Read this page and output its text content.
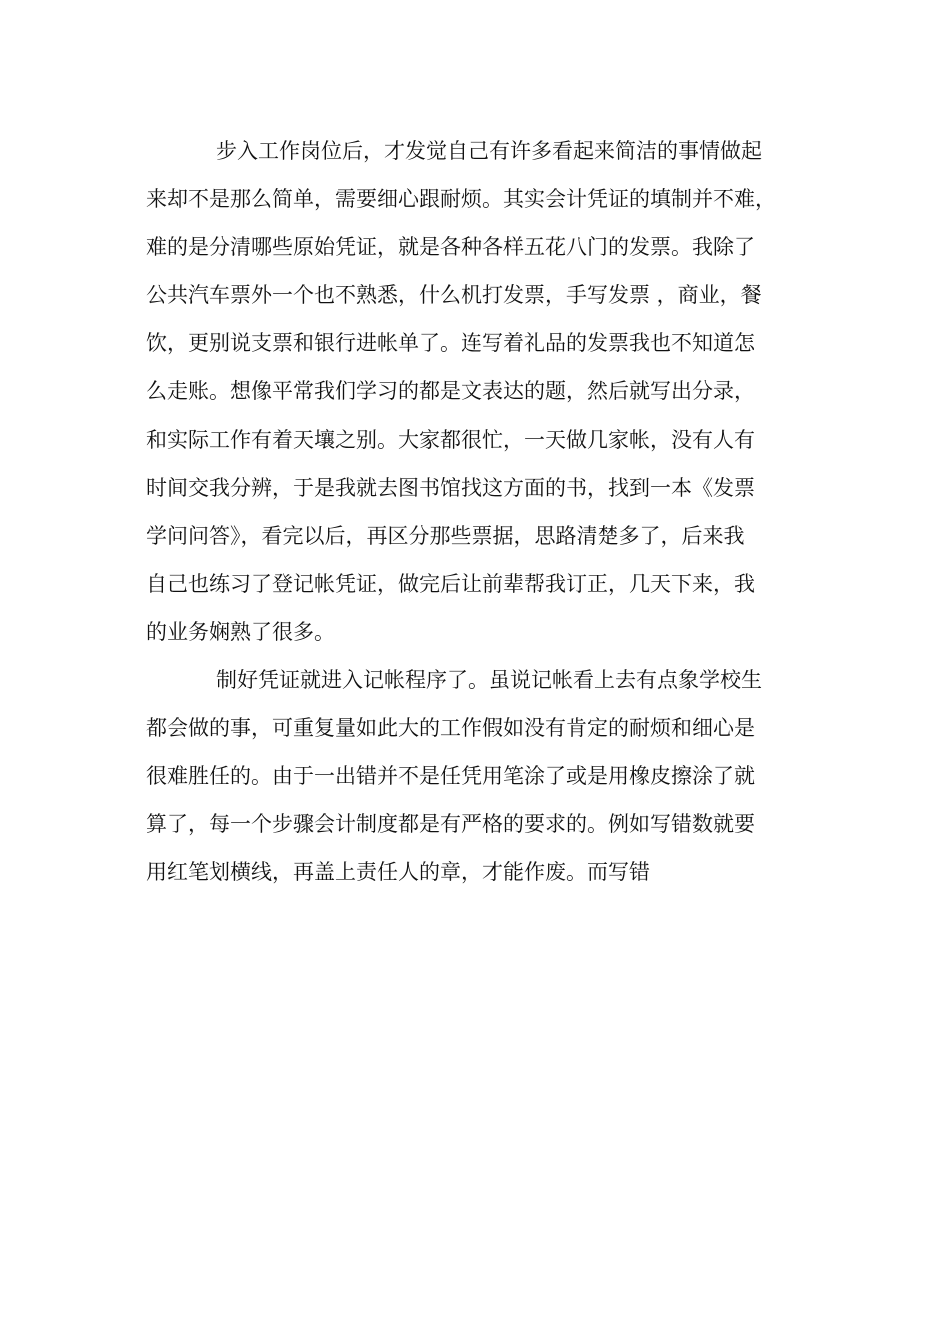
步入工作岗位后，才发觉自己有许多看起来简洁的事情做起
来却不是那么简单，需要细心跟耐烦。其实会计凭证的填制并不难，
难的是分清哪些原始凭证，就是各种各样五花八门的发票。我除了
公共汽车票外一个也不熟悉，什么机打发票，手写发票 ，商业，餐
饮，更别说支票和银行进帐单了。连写着礼品的发票我也不知道怎
么走账。想像平常我们学习的都是文表达的题，然后就写出分录，
和实际工作有着天壤之别。大家都很忙，一天做几家帐，没有人有
时间交我分辨，于是我就去图书馆找这方面的书，找到一本《发票
学问问答》，看完以后，再区分那些票据，思路清楚多了，后来我
自己也练习了登记帐凭证，做完后让前辈帮我订正，几天下来，我
的业务娴熟了很多。
制好凭证就进入记帐程序了。虽说记帐看上去有点象学校生
都会做的事，可重复量如此大的工作假如没有肯定的耐烦和细心是
很难胜任的。由于一出错并不是任凭用笔涂了或是用橡皮擦涂了就
算了，每一个步骤会计制度都是有严格的要求的。例如写错数就要
用红笔划横线，再盖上责任人的章，才能作废。而写错
